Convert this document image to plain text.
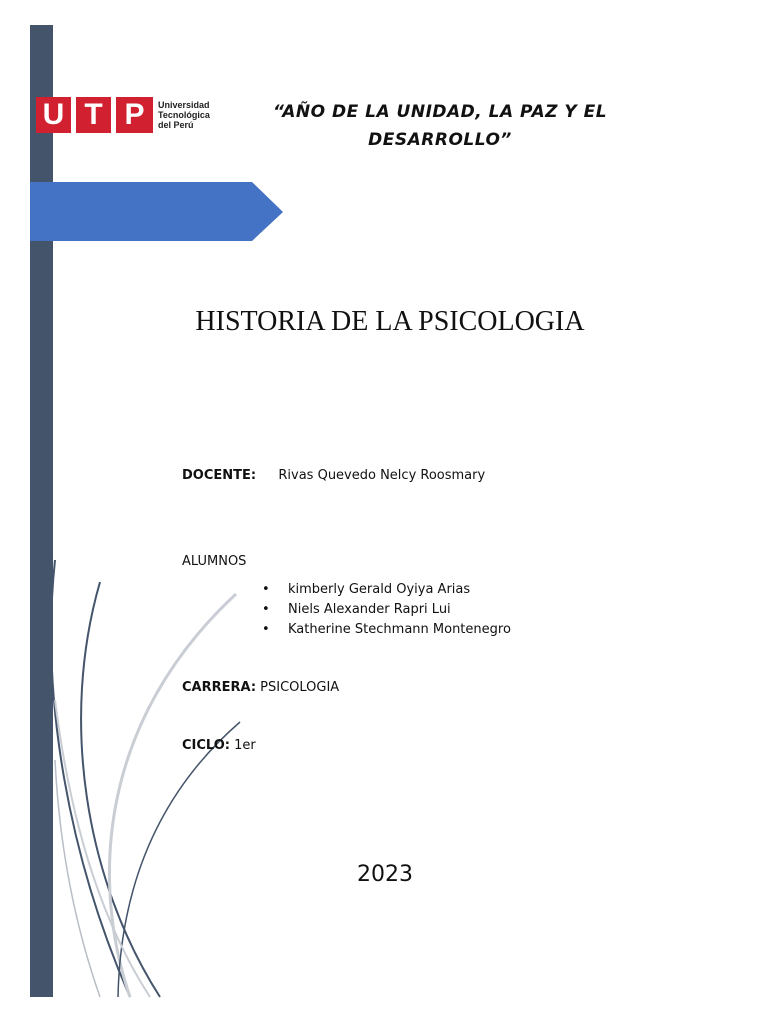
U T P	Universidad
Tecnológica
del Perú
“AÑO DE LA UNIDAD, LA PAZ Y EL
DESARROLLO”
HISTORIA DE LA PSICOLOGIA
DOCENTE: Rivas Quevedo Nelcy Roosmary
ALUMNOS
• kimberly Gerald Oyiya Arias
• Niels Alexander Rapri Lui
• Katherine Stechmann Montenegro
CARRERA: PSICOLOGIA
CICLO: 1er
2023
